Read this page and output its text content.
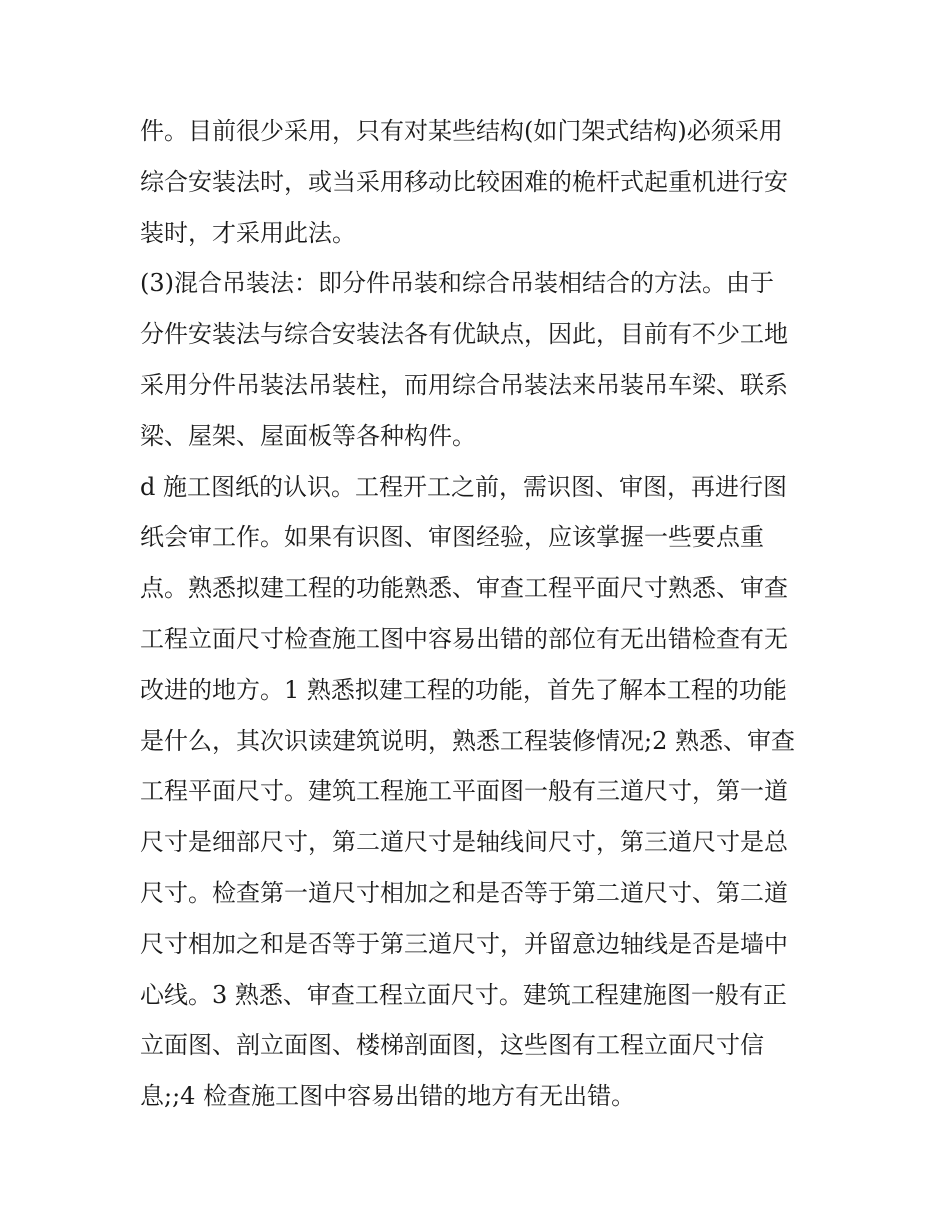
件。目前很少采用，只有对某些结构(如门架式结构)必须采用
综合安装法时，或当采用移动比较困难的桅杆式起重机进行安
装时，才采用此法。
(3)混合吊装法：即分件吊装和综合吊装相结合的方法。由于
分件安装法与综合安装法各有优缺点，因此，目前有不少工地
采用分件吊装法吊装柱，而用综合吊装法来吊装吊车梁、联系
梁、屋架、屋面板等各种构件。
d 施工图纸的认识。工程开工之前，需识图、审图，再进行图
纸会审工作。如果有识图、审图经验，应该掌握一些要点重
点。熟悉拟建工程的功能熟悉、审查工程平面尺寸熟悉、审查
工程立面尺寸检查施工图中容易出错的部位有无出错检查有无
改进的地方。1 熟悉拟建工程的功能，首先了解本工程的功能
是什么，其次识读建筑说明，熟悉工程装修情况;2 熟悉、审查
工程平面尺寸。建筑工程施工平面图一般有三道尺寸，第一道
尺寸是细部尺寸，第二道尺寸是轴线间尺寸，第三道尺寸是总
尺寸。检查第一道尺寸相加之和是否等于第二道尺寸、第二道
尺寸相加之和是否等于第三道尺寸，并留意边轴线是否是墙中
心线。3 熟悉、审查工程立面尺寸。建筑工程建施图一般有正
立面图、剖立面图、楼梯剖面图，这些图有工程立面尺寸信
息;;4 检查施工图中容易出错的地方有无出错。
